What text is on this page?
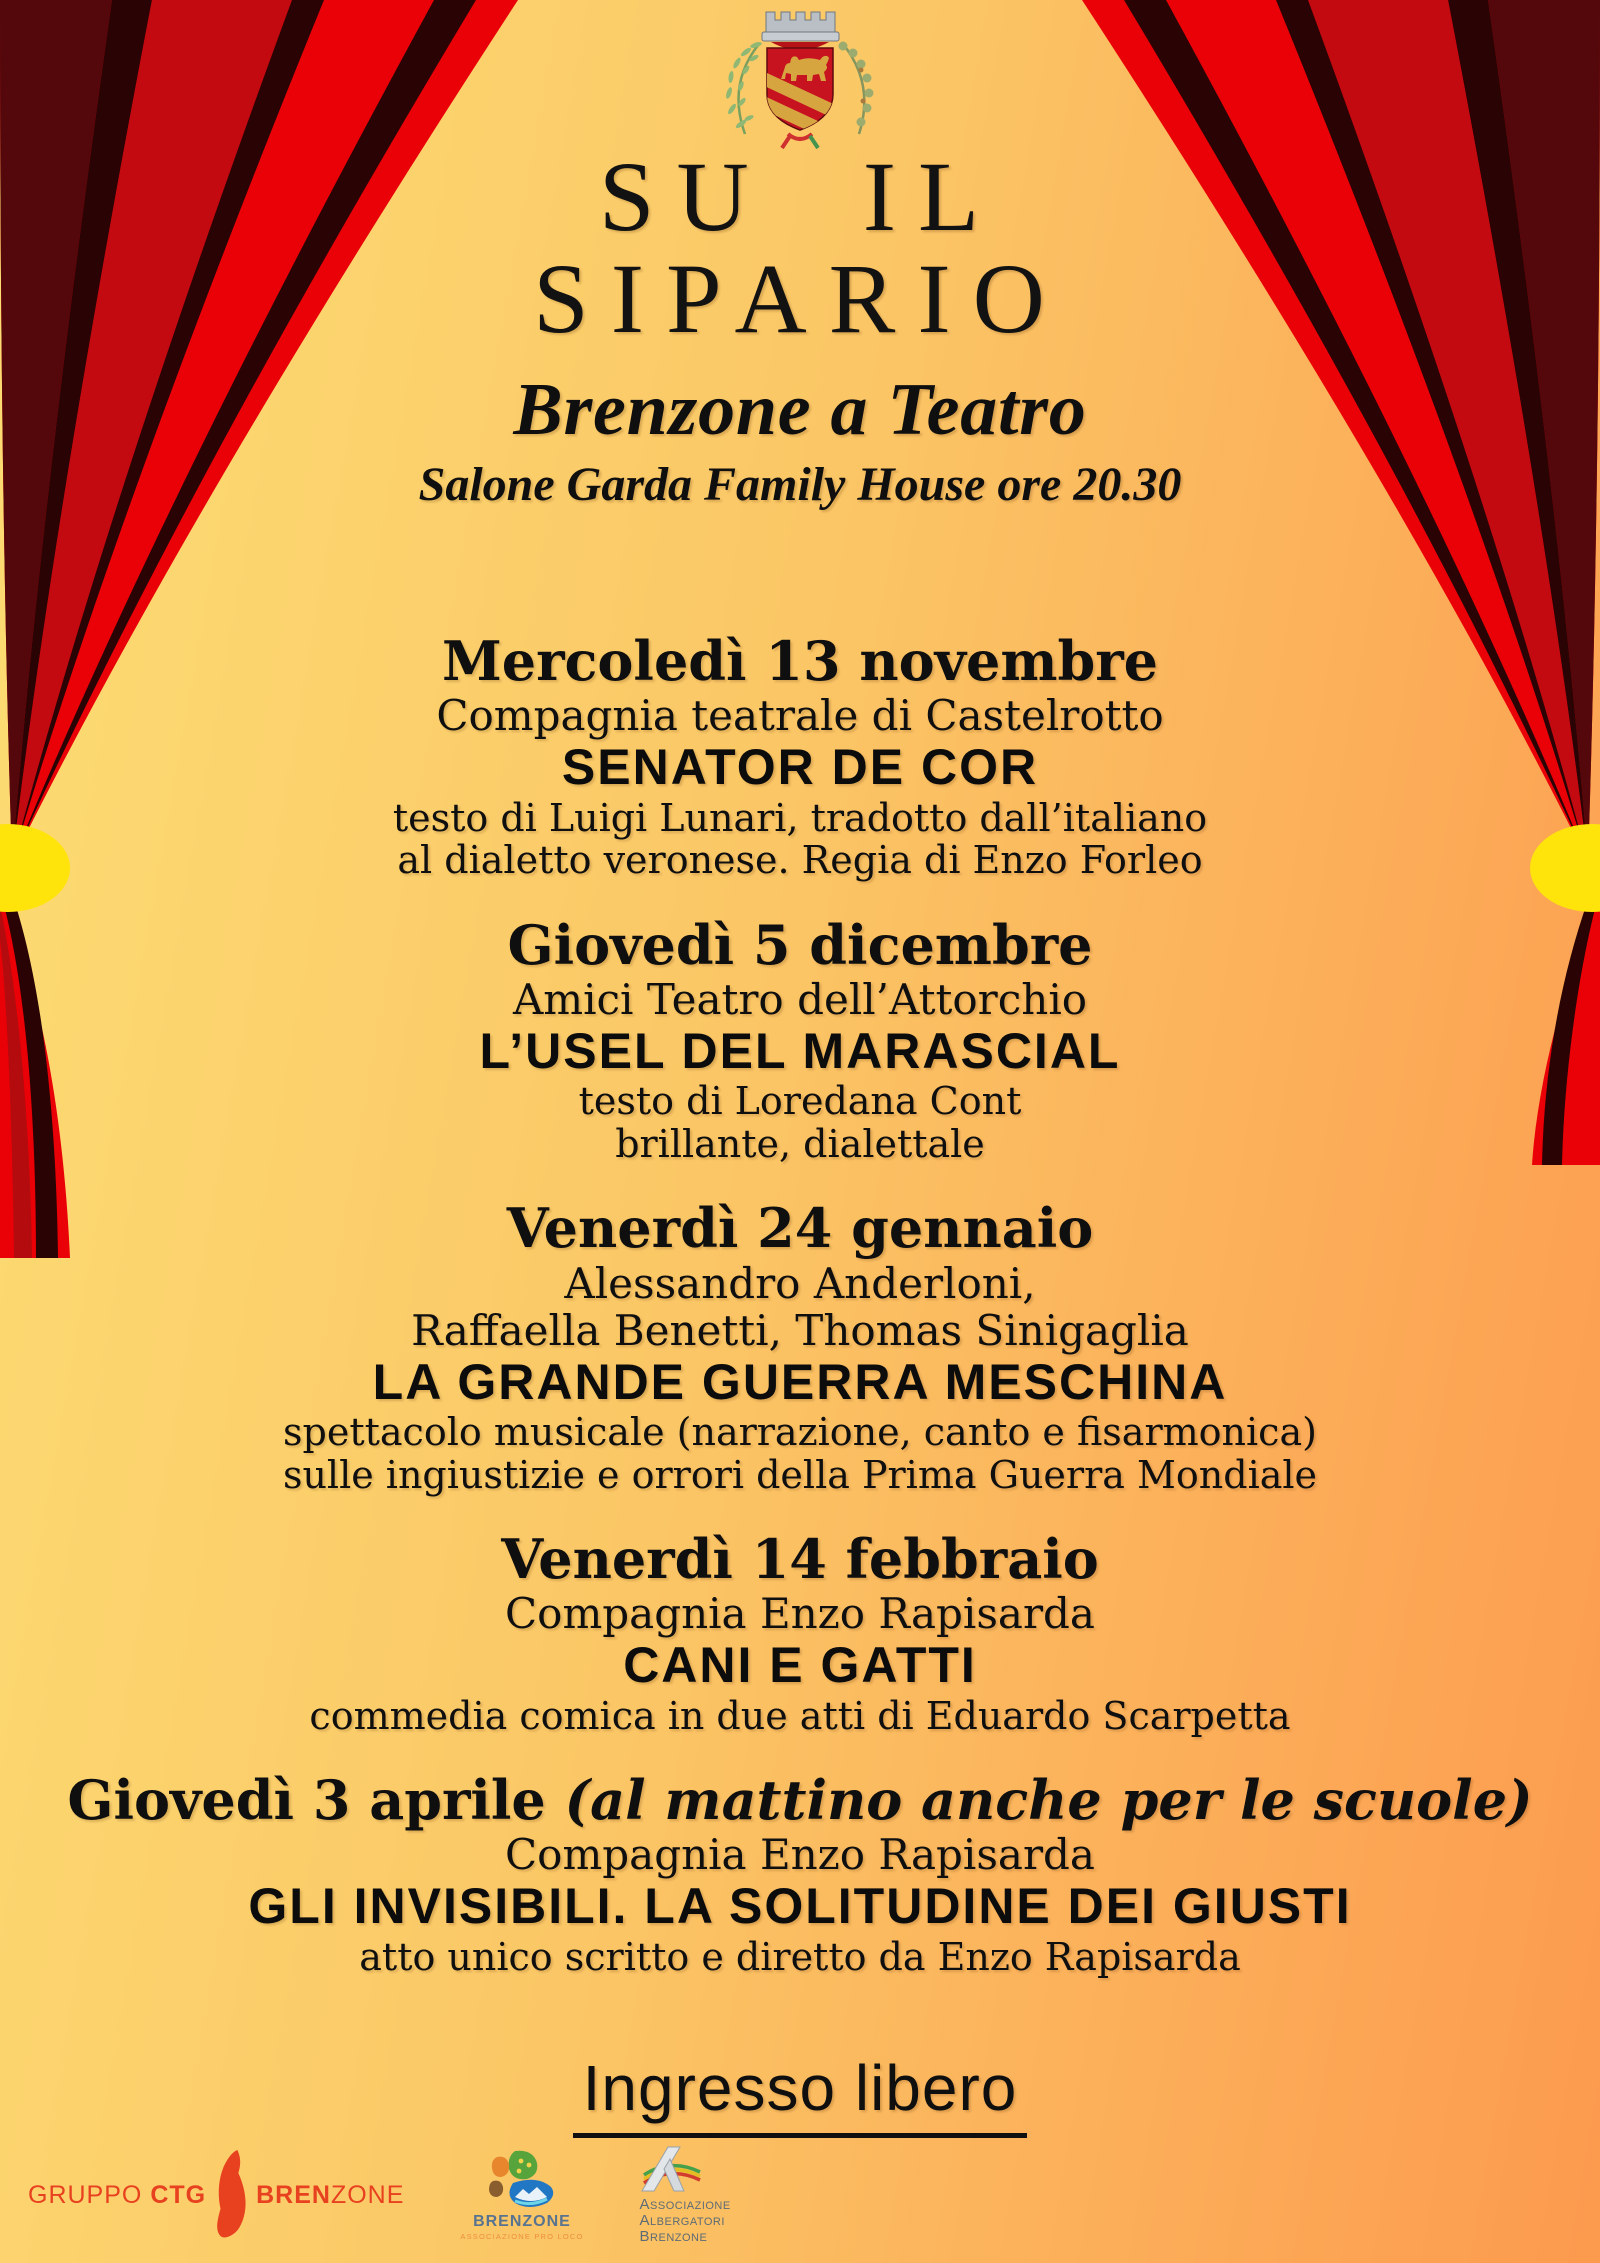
SU IL
SIPARIO
Brenzone a Teatro
Salone Garda Family House ore 20.30
Mercoledì 13 novembre
Compagnia teatrale di Castelrotto
SENATOR DE COR
testo di Luigi Lunari, tradotto dall’italiano
al dialetto veronese. Regia di Enzo Forleo
Giovedì 5 dicembre
Amici Teatro dell’Attorchio
L’USEL DEL MARASCIAL
testo di Loredana Cont
brillante, dialettale
Venerdì 24 gennaio
Alessandro Anderloni,
Raffaella Benetti, Thomas Sinigaglia
LA GRANDE GUERRA MESCHINA
spettacolo musicale (narrazione, canto e fisarmonica)
sulle ingiustizie e orrori della Prima Guerra Mondiale
Venerdì 14 febbraio
Compagnia Enzo Rapisarda
CANI E GATTI
commedia comica in due atti di Eduardo Scarpetta
Giovedì 3 aprile (al mattino anche per le scuole)
Compagnia Enzo Rapisarda
GLI INVISIBILI. LA SOLITUDINE DEI GIUSTI
atto unico scritto e diretto da Enzo Rapisarda
Ingresso libero
GRUPPO
CTG BRENZONE
BRENZONE
ASSOCIAZIONE PRO LOCO
Associazione
Albergatori
Brenzone
